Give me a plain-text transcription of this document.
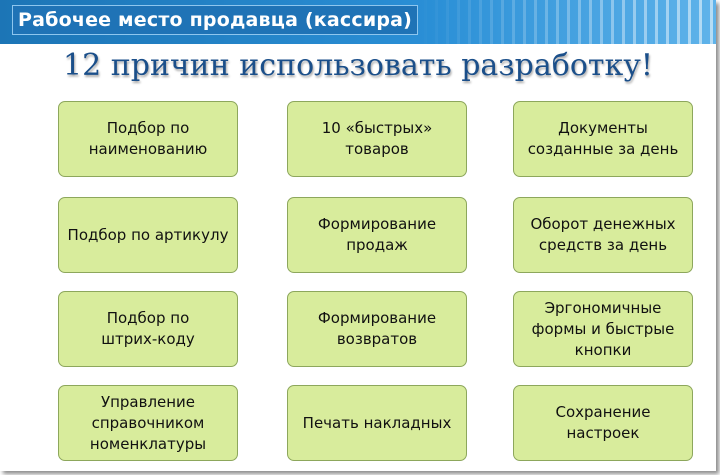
Рабочее место продавца (кассира)
12 причин использовать разработку!
Подбор по
наименованию
10 «быстрых»
товаров
Документы
созданные за день
Подбор по артикулу
Формирование
продаж
Оборот денежных
средств за день
Подбор по
штрих-коду
Формирование
возвратов
Эргономичные
формы и быстрые
кнопки
Управление
справочником
номенклатуры
Печать накладных
Сохранение
настроек
